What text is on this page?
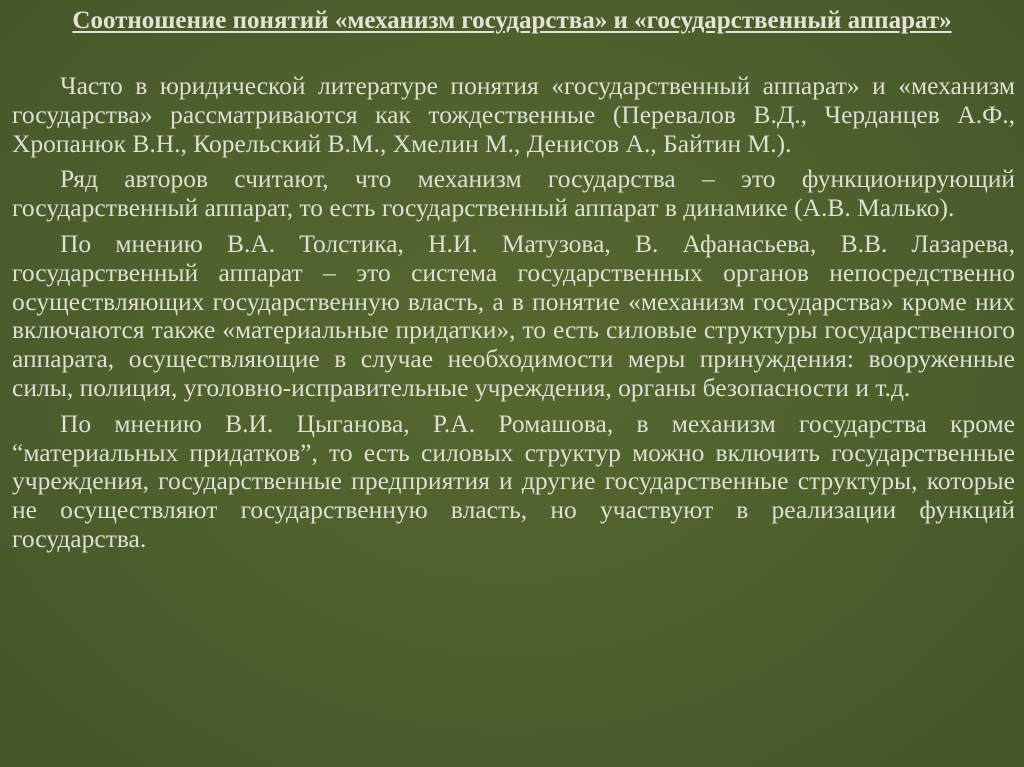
Соотношение понятий «механизм государства» и «государственный аппарат»

Часто в юридической литературе понятия «государственный аппарат» и «механизм государства» рассматриваются как тождественные (Перевалов В.Д., Черданцев А.Ф., Хропанюк В.Н., Корельский В.М., Хмелин М., Денисов А., Байтин М.).

Ряд авторов считают, что механизм государства – это функционирующий государственный аппарат, то есть государственный аппарат в динамике (А.В. Малько).

По мнению В.А. Толстика, Н.И. Матузова, В. Афанасьева, В.В. Лазарева, государственный аппарат – это система государственных органов непосредственно осуществляющих государственную власть, а в понятие «механизм государства» кроме них включаются также «материальные придатки», то есть силовые структуры государственного аппарата, осуществляющие в случае необходимости меры принуждения: вооруженные силы, полиция, уголовно-исправительные учреждения, органы безопасности и т.д.

По мнению В.И. Цыганова, Р.А. Ромашова, в механизм государства кроме “материальных придатков”, то есть силовых структур можно включить государственные учреждения, государственные предприятия и другие государственные структуры, которые не осуществляют государственную власть, но участвуют в реализации функций государства.
